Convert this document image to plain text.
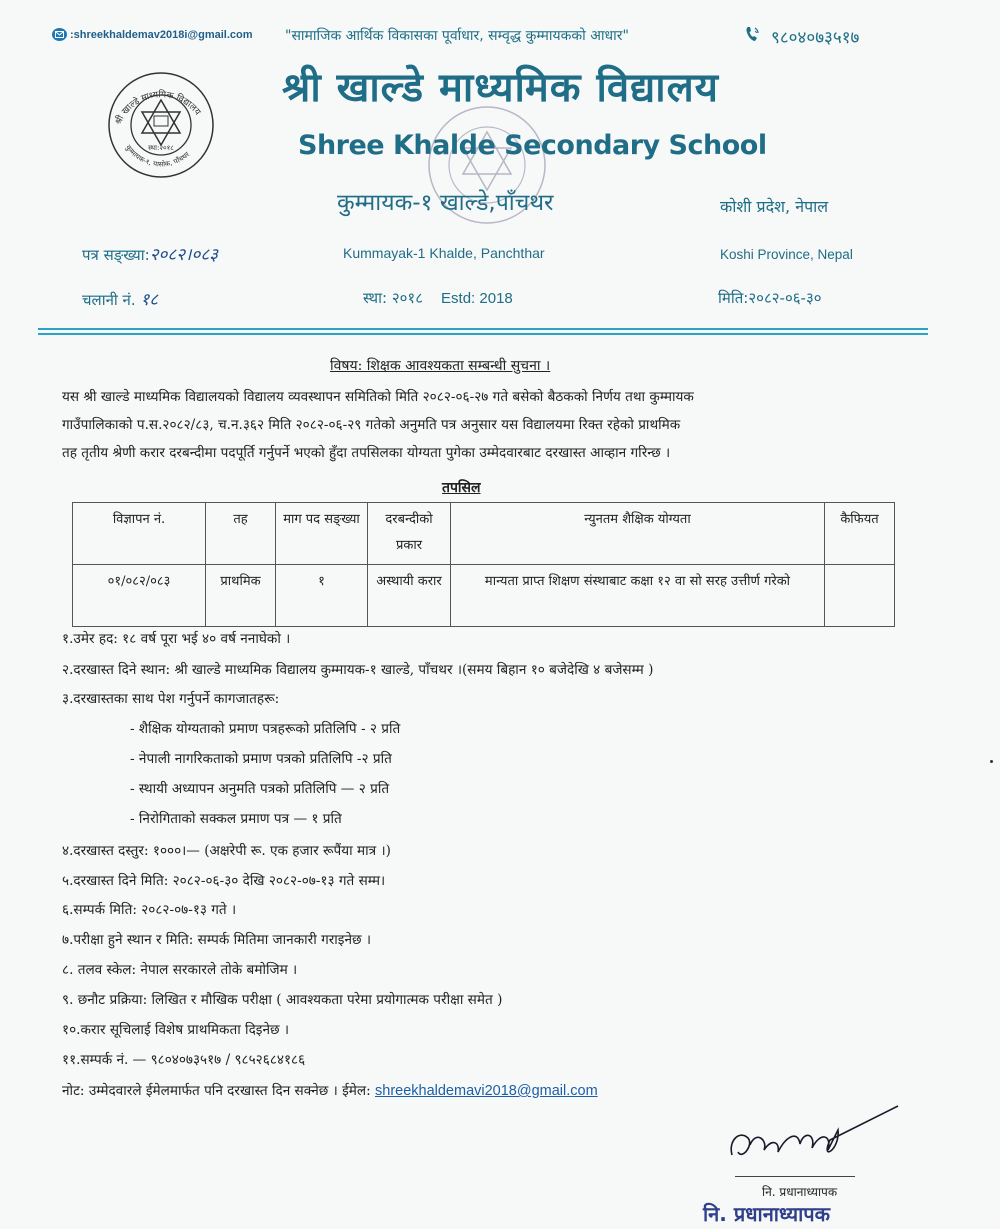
:shreekhaldemav2018i@gmail.com "सामाजिक आर्थिक विकासका पूर्वाधार, सम्वृद्ध कुम्मायकको आधार"	९८०४०७३५१७
स्था:२०१८
श्री खाल्डे माध्यमिक विद्यालय
कुम्मायक-१, यासोक, पाँचथर
श्री खाल्डे माध्यमिक विद्यालय
Shree Khalde Secondary School
कुम्मायक-१ खाल्डे,पाँचथर	कोशी प्रदेश, नेपाल
Kummayak-1 Khalde, Panchthar	Koshi Province, Nepal
पत्र सङ्ख्या:२०८२।०८३
चलानी नं. १८	स्था: २०१८ Estd: 2018	मिति:२०८२-०६-३०
विषय: शिक्षक आवश्यकता सम्बन्धी सुचना ।
यस श्री खाल्डे माध्यमिक विद्यालयको विद्यालय व्यवस्थापन समितिको मिति २०८२-०६-२७ गते बसेको बैठकको निर्णय तथा कुम्मायक
गाउँपालिकाको प.स.२०८२/८३, च.न.३६२ मिति २०८२-०६-२९ गतेको अनुमति पत्र अनुसार यस विद्यालयमा रिक्त रहेको प्राथमिक
तह तृतीय श्रेणी करार दरबन्दीमा पदपूर्ति गर्नुपर्ने भएको हुँदा तपसिलका योग्यता पुगेका उम्मेदवारबाट दरखास्त आव्हान गरिन्छ ।
तपसिल
विज्ञापन नं.	तह	माग पद सङ्ख्या	दरबन्दीको प्रकार	न्युनतम शैक्षिक योग्यता	कैफियत
०१/०८२/०८३	प्राथमिक	१	अस्थायी करार	मान्यता प्राप्त शिक्षण संस्थाबाट कक्षा १२ वा सो सरह उत्तीर्ण गरेको	
१.उमेर हद: १८ वर्ष पूरा भई ४० वर्ष ननाघेको ।
२.दरखास्त दिने स्थान: श्री खाल्डे माध्यमिक विद्यालय कुम्मायक-१ खाल्डे, पाँचथर ।(समय बिहान १० बजेदेखि ४ बजेसम्म )
३.दरखास्तका साथ पेश गर्नुपर्ने कागजातहरू:
- शैक्षिक योग्यताको प्रमाण पत्रहरूको प्रतिलिपि - २ प्रति
- नेपाली नागरिकताको प्रमाण पत्रको प्रतिलिपि -२ प्रति
- स्थायी अध्यापन अनुमति पत्रको प्रतिलिपि — २ प्रति
- निरोगिताको सक्कल प्रमाण पत्र — १ प्रति
४.दरखास्त दस्तुर: १०००।— (अक्षरेपी रू. एक हजार रूपैंया मात्र ।)
५.दरखास्त दिने मिति: २०८२-०६-३० देखि २०८२-०७-१३ गते सम्म।
६.सम्पर्क मिति: २०८२-०७-१३ गते ।
७.परीक्षा हुने स्थान र मिति: सम्पर्क मितिमा जानकारी गराइनेछ ।
८. तलव स्केल: नेपाल सरकारले तोके बमोजिम ।
९. छनौट प्रक्रिया: लिखित र मौखिक परीक्षा ( आवश्यकता परेमा प्रयोगात्मक परीक्षा समेत )
१०.करार सूचिलाई विशेष प्राथमिकता दिइनेछ ।
११.सम्पर्क नं. — ९८०४०७३५१७ / ९८५२६८४१८६
नोट: उम्मेदवारले ईमेलमार्फत पनि दरखास्त दिन सक्नेछ । ईमेल: shreekhaldemavi2018@gmail.com
नि. प्रधानाध्यापक
नि. प्रधानाध्यापक
